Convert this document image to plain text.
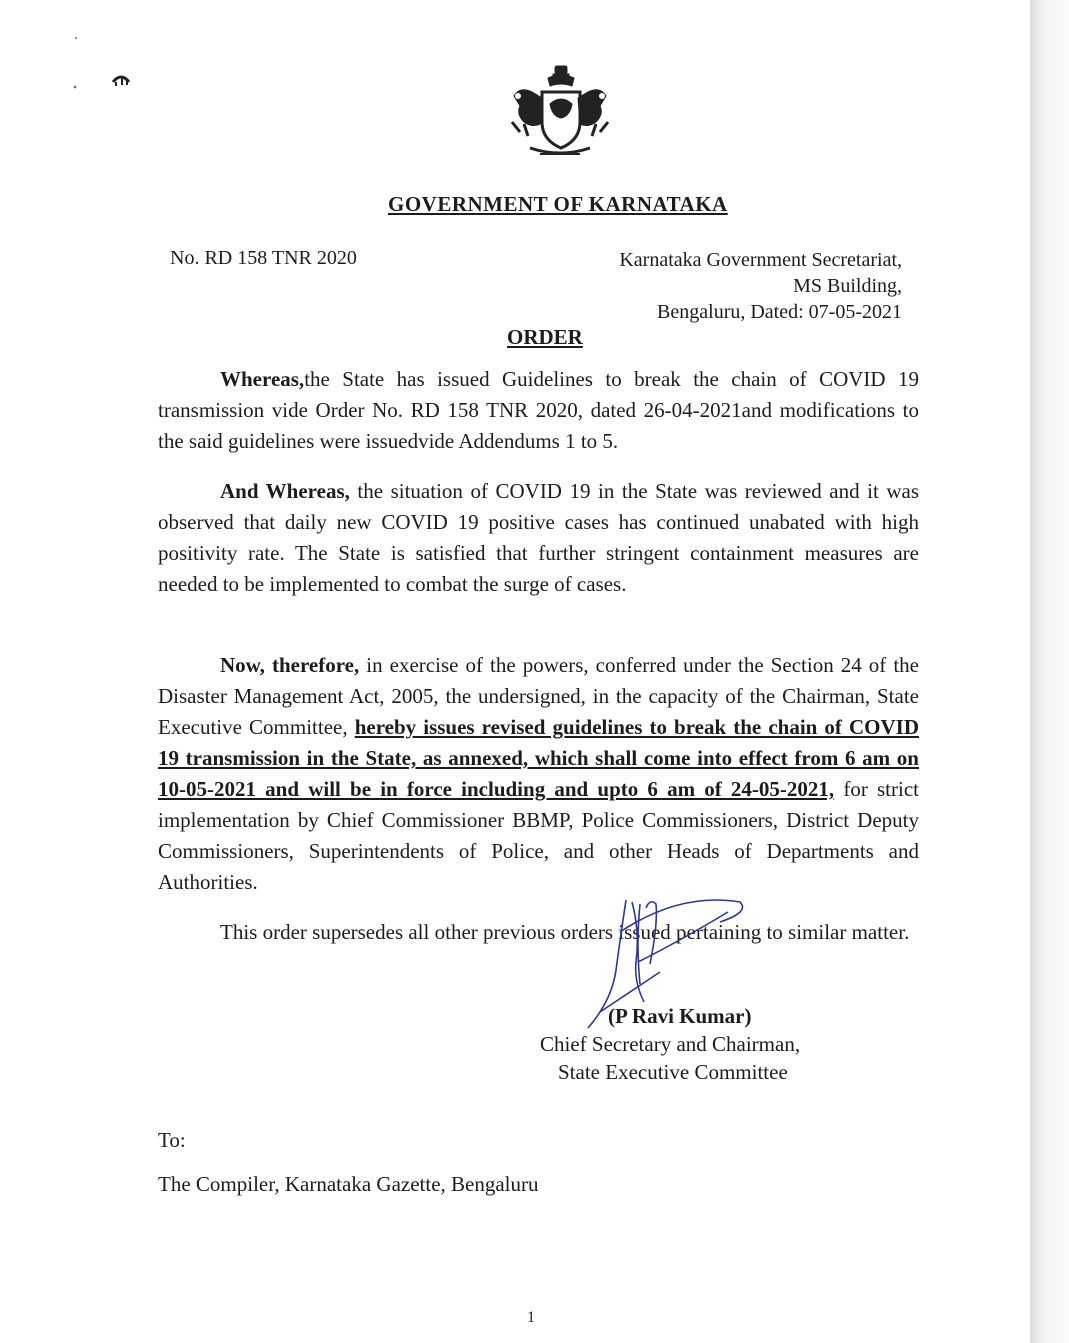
GOVERNMENT OF KARNATAKA
No. RD 158 TNR 2020	Karnataka Government Secretariat,
MS Building,
Bengaluru, Dated: 07-05-2021
ORDER
Whereas,the State has issued Guidelines to break the chain of COVID 19 transmission vide Order No. RD 158 TNR 2020, dated 26-04-2021and modifications to the said guidelines were issuedvide Addendums 1 to 5.
And Whereas, the situation of COVID 19 in the State was reviewed and it was observed that daily new COVID 19 positive cases has continued unabated with high positivity rate. The State is satisfied that further stringent containment measures are needed to be implemented to combat the surge of cases.
Now, therefore, in exercise of the powers, conferred under the Section 24 of the Disaster Management Act, 2005, the undersigned, in the capacity of the Chairman, State Executive Committee, hereby issues revised guidelines to break the chain of COVID 19 transmission in the State, as annexed, which shall come into effect from 6 am on 10-05-2021 and will be in force including and upto 6 am of 24-05-2021, for strict implementation by Chief Commissioner BBMP, Police Commissioners, District Deputy Commissioners, Superintendents of Police, and other Heads of Departments and Authorities.
This order supersedes all other previous orders issued pertaining to similar matter.
(P Ravi Kumar)
Chief Secretary and Chairman,
State Executive Committee
To:
The Compiler, Karnataka Gazette, Bengaluru
1
